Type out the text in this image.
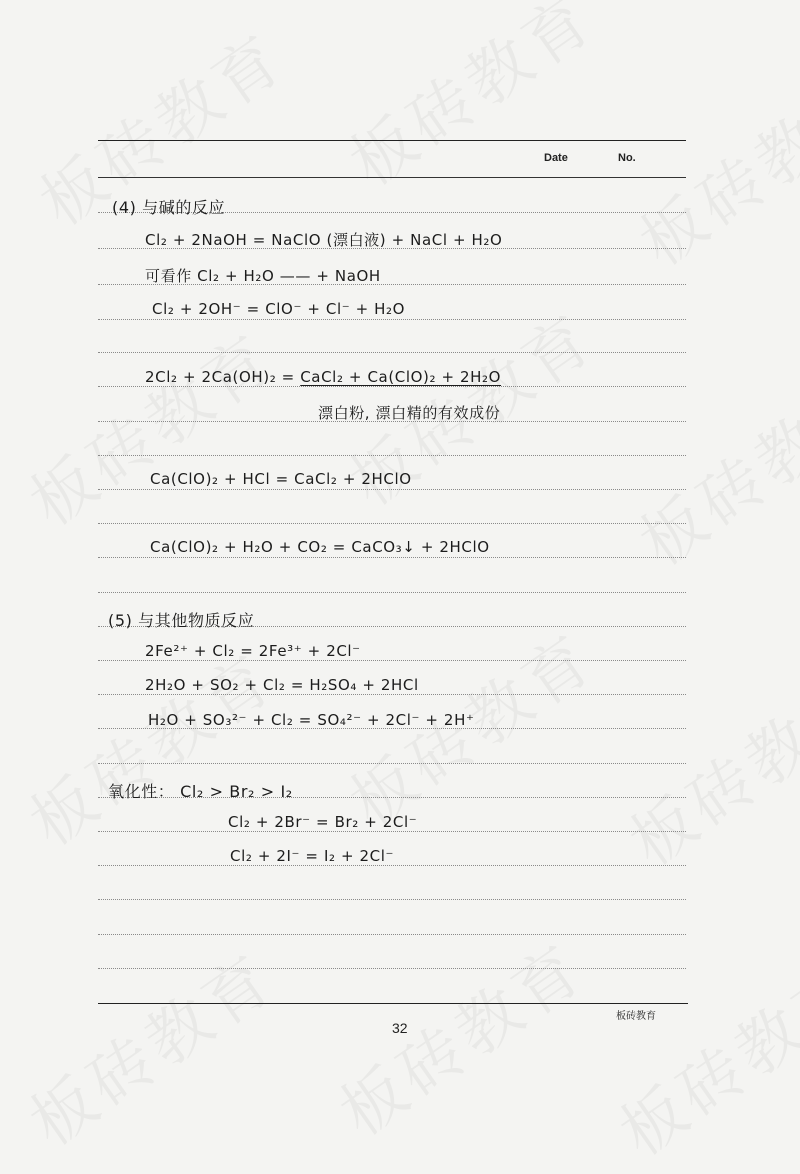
Date	No.
(4) 与碱的反应
Cl₂ + 2NaOH = NaClO (漂白液) + NaCl + H₂O
可看作 Cl₂ + H₂O —— + NaOH
Cl₂ + 2OH⁻ = ClO⁻ + Cl⁻ + H₂O
2Cl₂ + 2Ca(OH)₂ = CaCl₂ + Ca(ClO)₂ + 2H₂O
漂白粉, 漂白精的有效成份
Ca(ClO)₂ + HCl = CaCl₂ + 2HClO
Ca(ClO)₂ + H₂O + CO₂ = CaCO₃↓ + 2HClO
(5) 与其他物质反应
2Fe²⁺ + Cl₂ = 2Fe³⁺ + 2Cl⁻
2H₂O + SO₂ + Cl₂ = H₂SO₄ + 2HCl
H₂O + SO₃²⁻ + Cl₂ = SO₄²⁻ + 2Cl⁻ + 2H⁺
氧化性： Cl₂ > Br₂ > I₂
Cl₂ + 2Br⁻ = Br₂ + 2Cl⁻
Cl₂ + 2I⁻ = I₂ + 2Cl⁻
板砖教育
32
